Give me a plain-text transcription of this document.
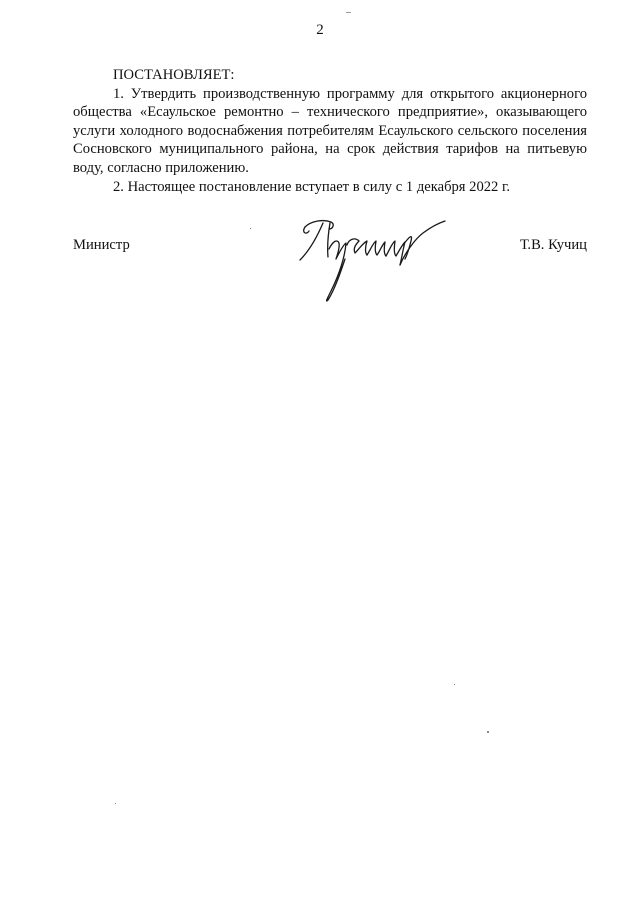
2

ПОСТАНОВЛЯЕТ:

1. Утвердить производственную программу для открытого акционерного общества «Есаульское ремонтно – технического предприятие», оказывающего услуги холодного водоснабжения потребителям Есаульского сельского поселения Сосновского муниципального района, на срок действия тарифов на питьевую воду, согласно приложению.

2. Настоящее постановление вступает в силу с 1 декабря 2022 г.

Министр	Т.В. Кучиц
